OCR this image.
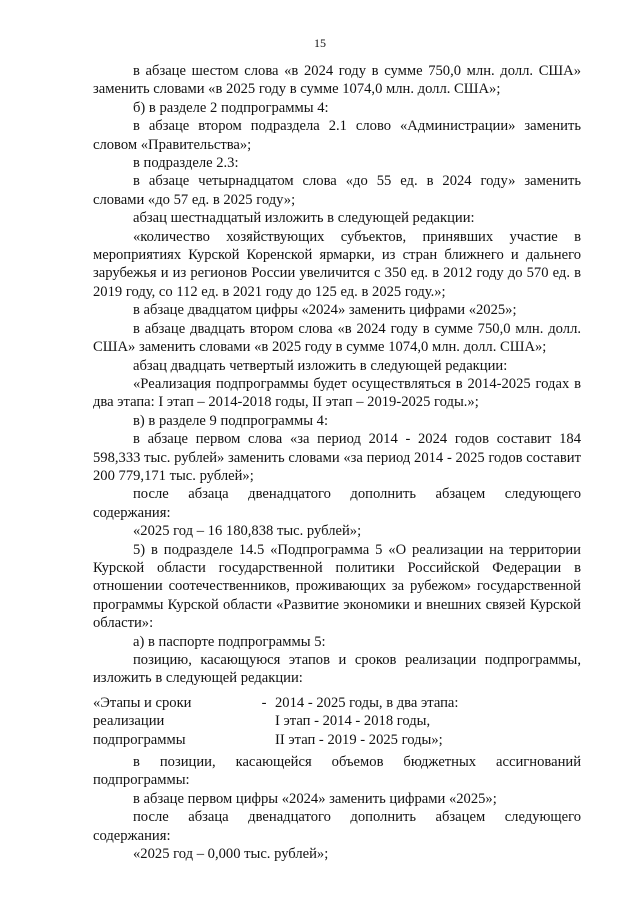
15

в абзаце шестом слова «в 2024 году в сумме 750,0 млн. долл. США» заменить словами «в 2025 году в сумме 1074,0 млн. долл. США»;

б) в разделе 2 подпрограммы 4:

в абзаце втором подраздела 2.1 слово «Администрации» заменить словом «Правительства»;

в подразделе 2.3:

в абзаце четырнадцатом слова «до 55 ед. в 2024 году» заменить словами «до 57 ед. в 2025 году»;

абзац шестнадцатый изложить в следующей редакции:

«количество хозяйствующих субъектов, принявших участие в мероприятиях Курской Коренской ярмарки, из стран ближнего и дальнего зарубежья и из регионов России увеличится с 350 ед. в 2012 году до 570 ед. в 2019 году, со 112 ед. в 2021 году до 125 ед. в 2025 году.»;

в абзаце двадцатом цифры «2024» заменить цифрами «2025»;

в абзаце двадцать втором слова «в 2024 году в сумме 750,0 млн. долл. США» заменить словами «в 2025 году в сумме 1074,0 млн. долл. США»;

абзац двадцать четвертый изложить в следующей редакции:

«Реализация подпрограммы будет осуществляться в 2014-2025 годах в два этапа: I этап – 2014-2018 годы, II этап – 2019-2025 годы.»;

в) в разделе 9 подпрограммы 4:

в абзаце первом слова «за период 2014 - 2024 годов составит 184 598,333 тыс. рублей» заменить словами «за период 2014 - 2025 годов составит 200 779,171 тыс. рублей»;

после абзаца двенадцатого дополнить абзацем следующего содержания:

«2025 год – 16 180,838 тыс. рублей»;

5) в подразделе 14.5 «Подпрограмма 5 «О реализации на территории Курской области государственной политики Российской Федерации в отношении соотечественников, проживающих за рубежом» государственной программы Курской области «Развитие экономики и внешних связей Курской области»:

а) в паспорте подпрограммы 5:

позицию, касающуюся этапов и сроков реализации подпрограммы, изложить в следующей редакции:

«Этапы и сроки
реализации
подпрограммы
- 2014 - 2025 годы, в два этапа:
I этап - 2014 - 2018 годы,
II этап - 2019 - 2025 годы»;

в позиции, касающейся объемов бюджетных ассигнований подпрограммы:

в абзаце первом цифры «2024» заменить цифрами «2025»;

после абзаца двенадцатого дополнить абзацем следующего содержания:

«2025 год – 0,000 тыс. рублей»;
